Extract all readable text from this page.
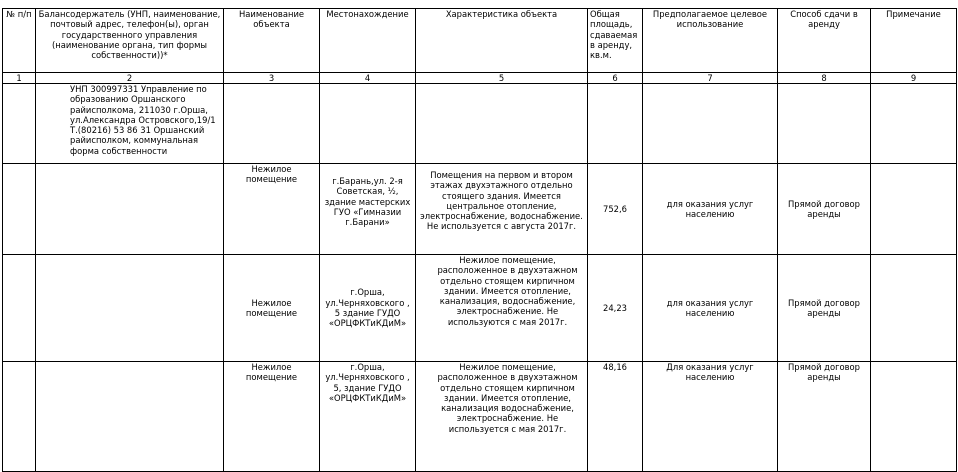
№ п/п	Балансодержатель (УНП, наименование, почтовый адрес, телефон(ы), орган государственного управления (наименование органа, тип формы собственности))*	Наименование объекта	Местонахождение	Характеристика объекта	Общая площадь, сдаваемая в аренду, кв.м.	Предполагаемое целевое использование	Способ сдачи в аренду	Примечание
1	2	3	4	5	6	7	8	9
	УНП 300997331 Управление по образованию Оршанского райисполкома, 211030 г.Орша, ул.Александра Островского,19/1 Т.(80216) 53 86 31 Оршанский райисполком, коммунальная форма собственности							
		Нежилое помещение	г.Барань,ул. 2-я Советская, ½, здание мастерских ГУО «Гимназии г.Барани»	Помещения на первом и втором этажах двухэтажного отдельно стоящего здания. Имеется центральное отопление, электроснабжение, водоснабжение. Не используется с августа 2017г.	752,6	для оказания услуг населению	Прямой договор аренды	
		Нежилое помещение	г.Орша, ул.Черняховского , 5 здание ГУДО «ОРЦФКТиКДиМ»	Нежилое помещение, расположенное в двухэтажном отдельно стоящем кирпичном здании. Имеется отопление, канализация, водоснабжение, электроснабжение. Не используются с мая 2017г.	24,23	для оказания услуг населению	Прямой договор аренды	
		Нежилое помещение	г.Орша, ул.Черняховского , 5, здание ГУДО «ОРЦФКТиКДиМ»	Нежилое помещение, расположенное в двухэтажном отдельно стоящем кирпичном здании. Имеется отопление, канализация водоснабжение, электроснабжение. Не используется с мая 2017г.	48,16	Для оказания услуг населению	Прямой договор аренды	
